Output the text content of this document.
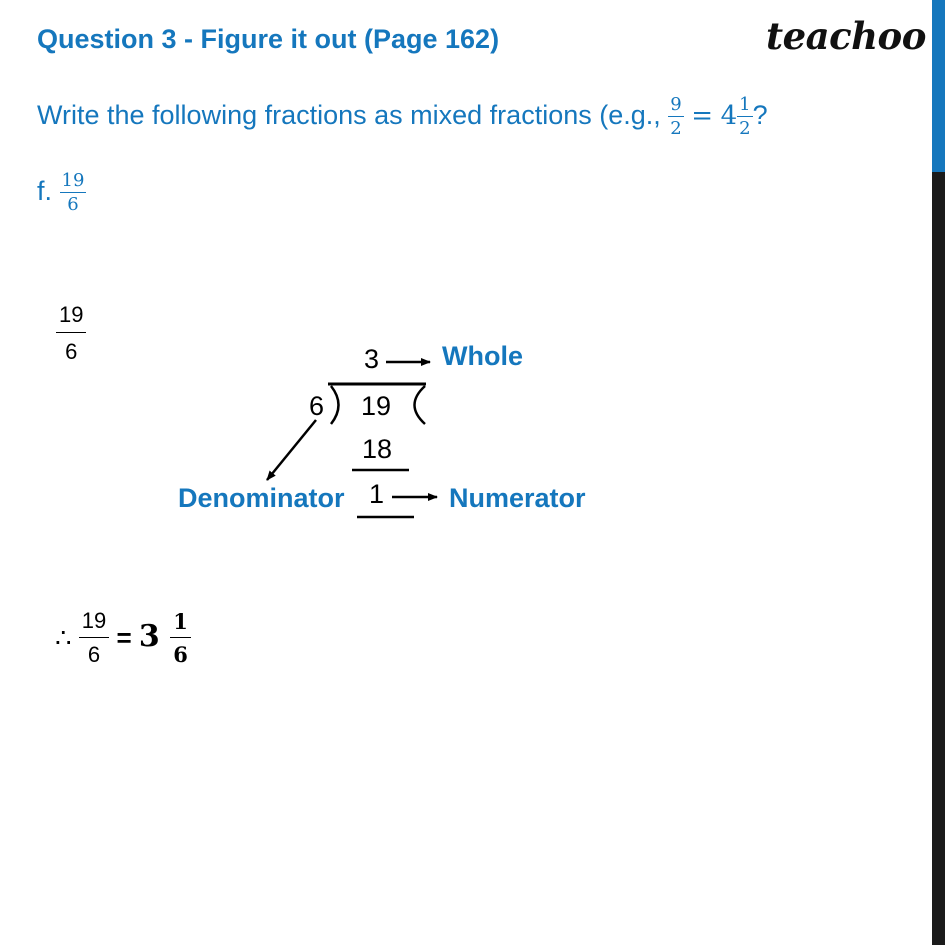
Question 3 - Figure it out (Page 162)	teachoo
Write the following fractions as mixed fractions (e.g., $\frac{9}{2} = 4 \frac{1}{2}$ ?
f. $\frac{19}{6}$
$\frac{19}{6}$	3 Whole
6 19
18
Denominator 1 Numerator
∴ $\frac{19}{6} = 3 \frac{1}{6}$
